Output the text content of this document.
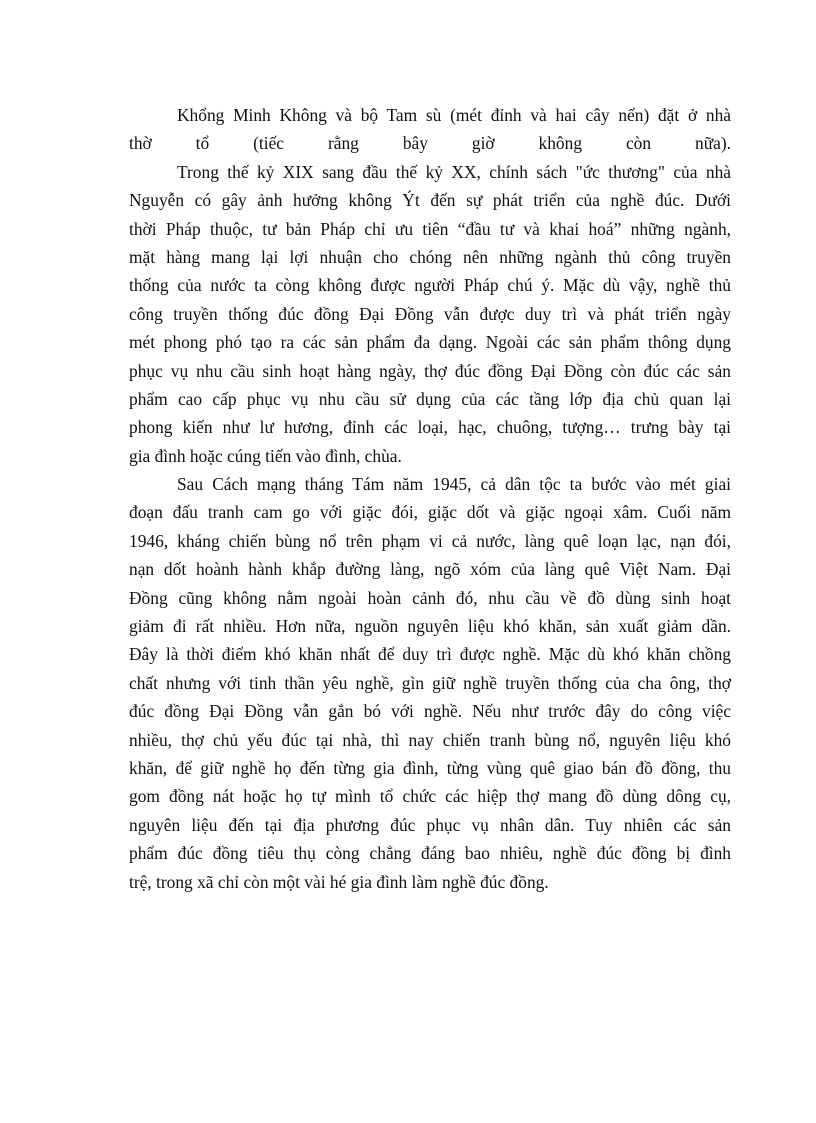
Khổng Minh Không và bộ Tam sù (mét đỉnh và hai cây nến) đặt ở nhà
thờ tổ (tiếc rằng bây giờ không còn nữa).
Trong thế kỷ XIX sang đầu thế kỷ XX, chính sách "ức thương" của nhà
Nguyễn có gây ảnh hưởng không Ýt đến sự phát triển của nghề đúc. Dưới
thời Pháp thuộc, tư bản Pháp chỉ ưu tiên “đầu tư và khai hoá” những ngành,
mặt hàng mang lại lợi nhuận cho chóng nên những ngành thủ công truyền
thống của nước ta còng không được người Pháp chú ý. Mặc dù vậy, nghề thủ
công truyền thống đúc đồng Đại Đồng vẫn được duy trì và phát triển ngày
mét phong phó tạo ra các sản phẩm đa dạng. Ngoài các sản phẩm thông dụng
phục vụ nhu cầu sinh hoạt hàng ngày, thợ đúc đồng Đại Đồng còn đúc các sản
phẩm cao cấp phục vụ nhu cầu sử dụng của các tầng lớp địa chủ quan lại
phong kiến như lư hương, đỉnh các loại, hạc, chuông, tượng… trưng bày tại
gia đình hoặc cúng tiến vào đình, chùa.
Sau Cách mạng tháng Tám năm 1945, cả dân tộc ta bước vào mét giai
đoạn đấu tranh cam go với giặc đói, giặc dốt và giặc ngoại xâm. Cuối năm
1946, kháng chiến bùng nổ trên phạm vi cả nước, làng quê loạn lạc, nạn đói,
nạn dốt hoành hành khắp đường làng, ngõ xóm của làng quê Việt Nam. Đại
Đồng cũng không nằm ngoài hoàn cảnh đó, nhu cầu về đồ dùng sinh hoạt
giảm đi rất nhiều. Hơn nữa, nguồn nguyên liệu khó khăn, sản xuất giảm dần.
Đây là thời điểm khó khăn nhất để duy trì được nghề. Mặc dù khó khăn chồng
chất nhưng với tinh thần yêu nghề, gìn giữ nghề truyền thống của cha ông, thợ
đúc đồng Đại Đồng vẫn gắn bó với nghề. Nếu như trước đây do công việc
nhiều, thợ chủ yếu đúc tại nhà, thì nay chiến tranh bùng nổ, nguyên liệu khó
khăn, để giữ nghề họ đến từng gia đình, từng vùng quê giao bán đồ đồng, thu
gom đồng nát hoặc họ tự mình tổ chức các hiệp thợ mang đồ dùng dông cụ,
nguyên liệu đến tại địa phương đúc phục vụ nhân dân. Tuy nhiên các sản
phẩm đúc đồng tiêu thụ còng chẳng đáng bao nhiêu, nghề đúc đồng bị đình
trệ, trong xã chỉ còn một vài hé gia đình làm nghề đúc đồng.
